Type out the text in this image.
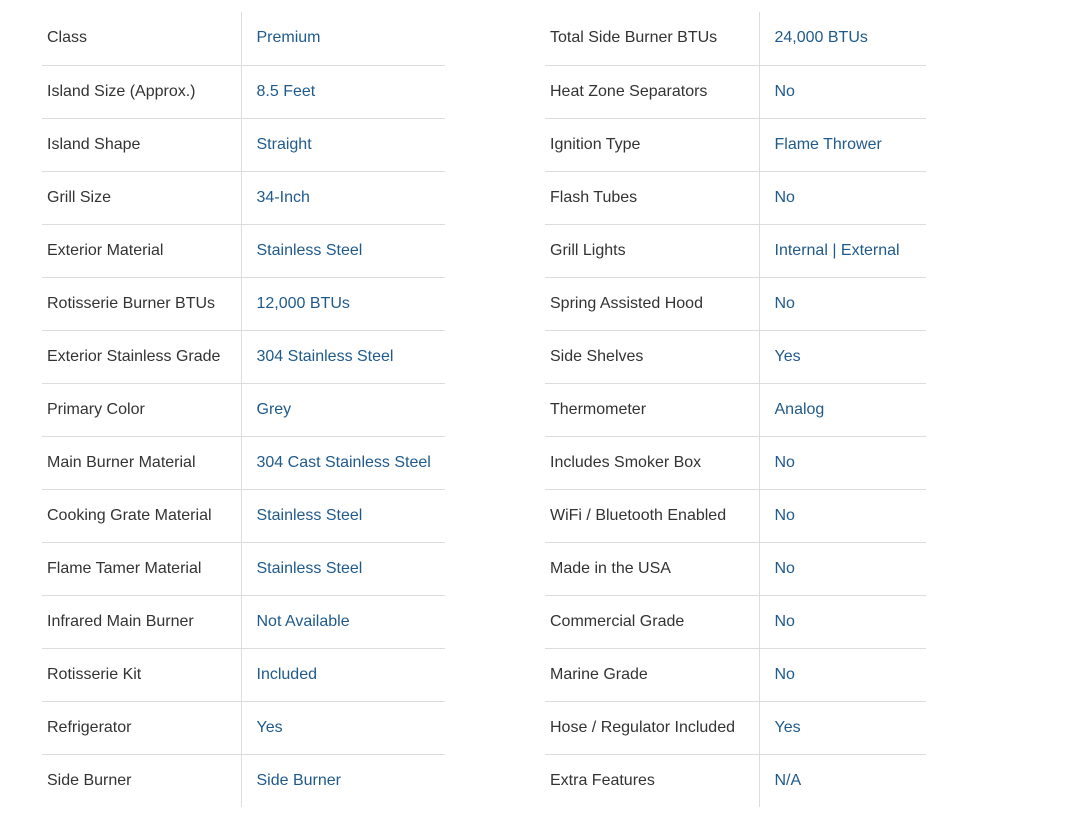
Class	Premium
Island Size (Approx.)	8.5 Feet
Island Shape	Straight
Grill Size	34-Inch
Exterior Material	Stainless Steel
Rotisserie Burner BTUs	12,000 BTUs
Exterior Stainless Grade	304 Stainless Steel
Primary Color	Grey
Main Burner Material	304 Cast Stainless Steel
Cooking Grate Material	Stainless Steel
Flame Tamer Material	Stainless Steel
Infrared Main Burner	Not Available
Rotisserie Kit	Included
Refrigerator	Yes
Side Burner	Side Burner
Total Side Burner BTUs	24,000 BTUs
Heat Zone Separators	No
Ignition Type	Flame Thrower
Flash Tubes	No
Grill Lights	Internal | External
Spring Assisted Hood	No
Side Shelves	Yes
Thermometer	Analog
Includes Smoker Box	No
WiFi / Bluetooth Enabled	No
Made in the USA	No
Commercial Grade	No
Marine Grade	No
Hose / Regulator Included	Yes
Extra Features	N/A
